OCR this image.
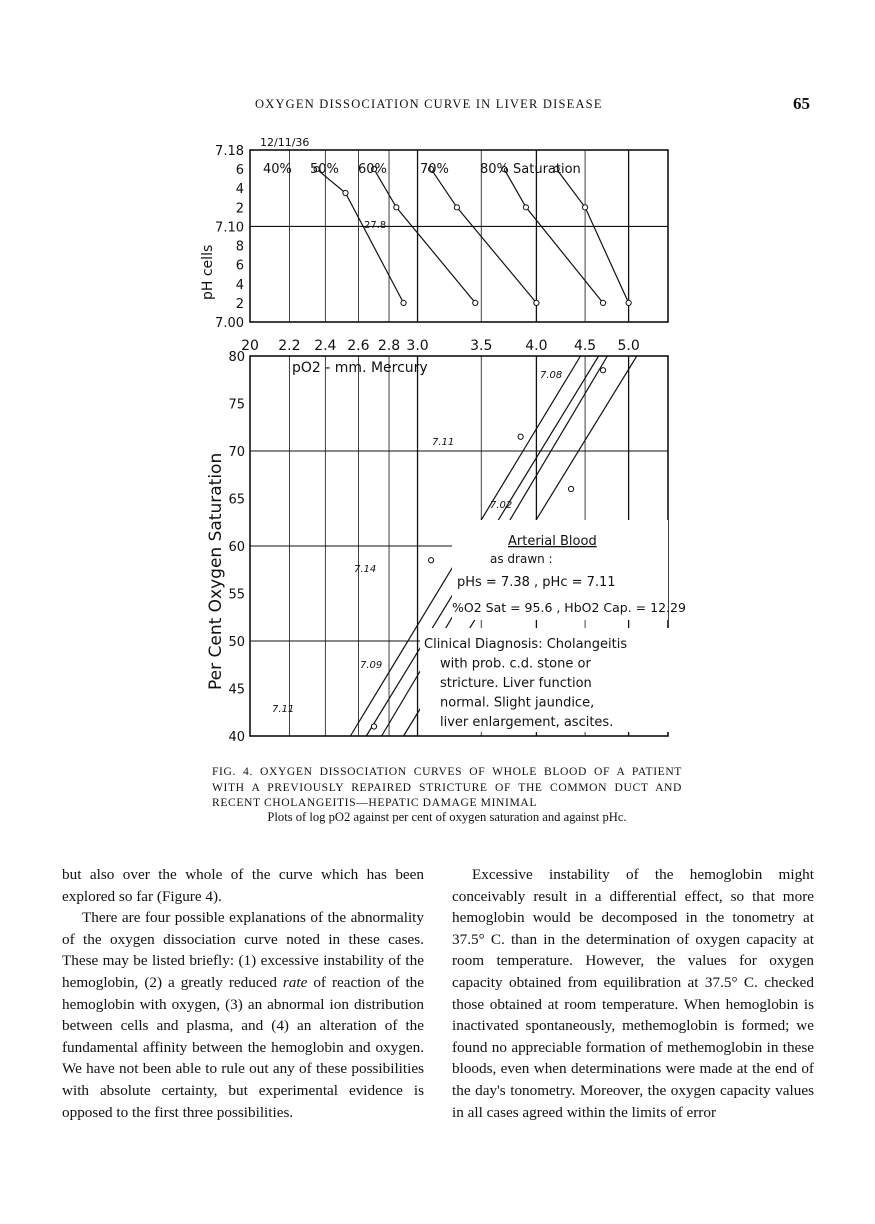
OXYGEN DISSOCIATION CURVE IN LIVER DISEASE	65
12/11/36
7.18
6
4
2
7.10
8
6
4
2
7.00
pH cells
40% 50% 60%	70% 80% Saturation
27.8
20 2.2 2.4 2.6 2.8 3.0	3.5 4.0 4.5 5.0
pO2 - mm. Mercury
80
75
70
65
60
55
50
45
40
Per Cent Oxygen Saturation
7.08
7.11
7.02
7.14
7.09
7.11
Arterial Blood
as drawn :
pHs = 7.38 , pHc = 7.11
%O2 Sat = 95.6 , HbO2 Cap. = 12.29
Clinical Diagnosis: Cholangeitis
with prob. c.d. stone or
stricture. Liver function
normal. Slight jaundice,
liver enlargement, ascites.
FIG. 4. OXYGEN DISSOCIATION CURVES OF WHOLE BLOOD OF A PATIENT WITH A PREVIOUSLY REPAIRED STRICTURE OF THE COMMON DUCT AND RECENT CHOLANGEITIS—HEPATIC DAMAGE MINIMAL
Plots of log pO2 against per cent of oxygen saturation and against pHc.

but also over the whole of the curve which has been explored so far (Figure 4).

There are four possible explanations of the abnormality of the oxygen dissociation curve noted in these cases. These may be listed briefly: (1) excessive instability of the hemoglobin, (2) a greatly reduced rate of reaction of the hemoglobin with oxygen, (3) an abnormal ion distribution between cells and plasma, and (4) an alteration of the fundamental affinity between the hemoglobin and oxygen. We have not been able to rule out any of these possibilities with absolute certainty, but experimental evidence is opposed to the first three possibilities.

Excessive instability of the hemoglobin might conceivably result in a differential effect, so that more hemoglobin would be decomposed in the tonometry at 37.5° C. than in the determination of oxygen capacity at room temperature. However, the values for oxygen capacity obtained from equilibration at 37.5° C. checked those obtained at room temperature. When hemoglobin is inactivated spontaneously, methemoglobin is formed; we found no appreciable formation of methemoglobin in these bloods, even when determinations were made at the end of the day's tonometry. Moreover, the oxygen capacity values in all cases agreed within the limits of error
